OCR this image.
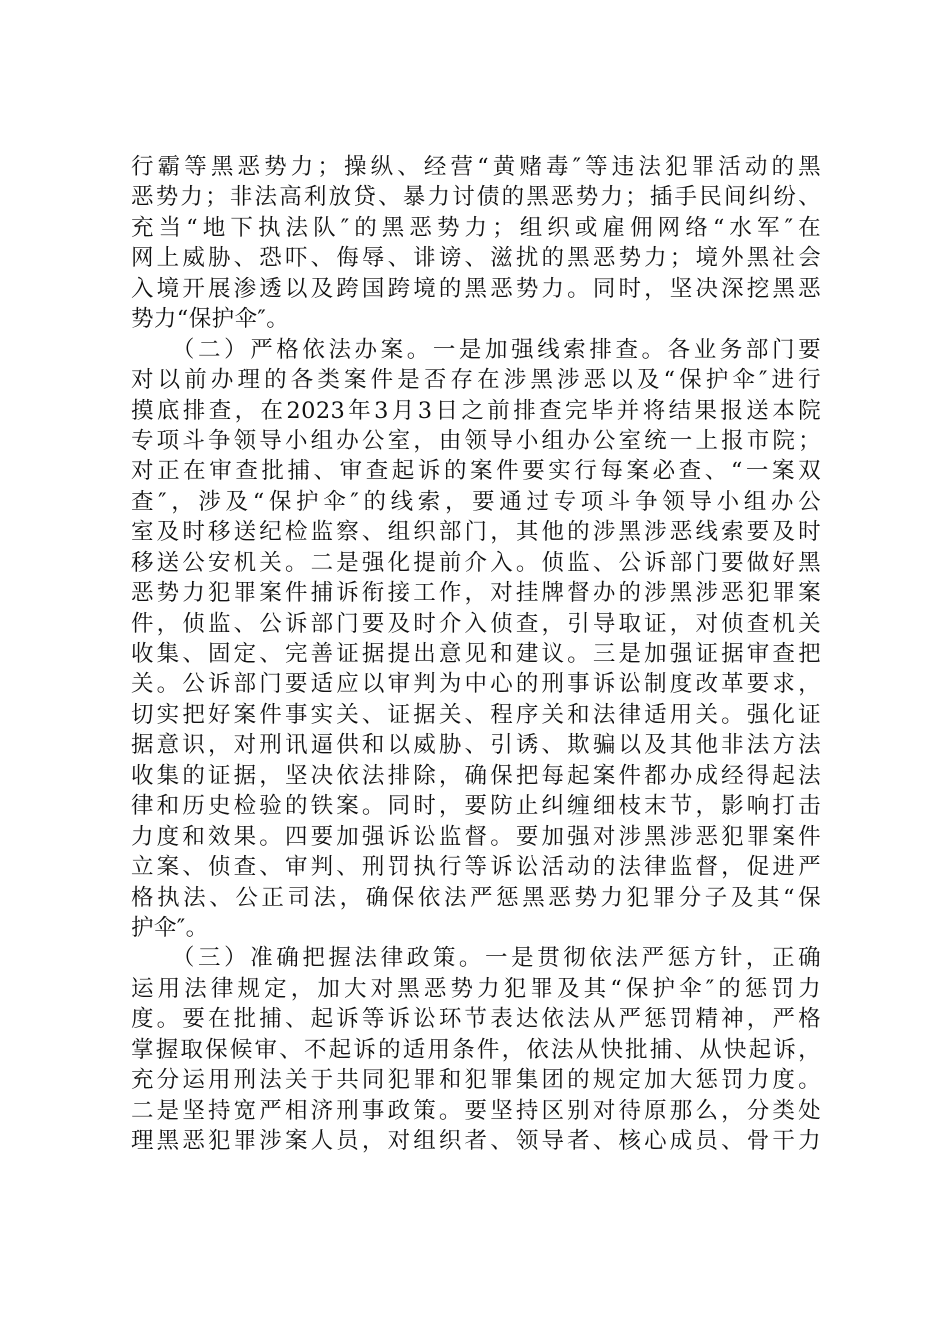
行霸等黑恶势力；操纵、经营“黄赌毒″等违法犯罪活动的黑
恶势力；非法高利放贷、暴力讨债的黑恶势力；插手民间纠纷、
充当“地下执法队″的黑恶势力；组织或雇佣网络“水军″在
网上威胁、恐吓、侮辱、诽谤、滋扰的黑恶势力；境外黑社会
入境开展渗透以及跨国跨境的黑恶势力。同时，坚决深挖黑恶
势力“保护伞″。
　　（二）严格依法办案。一是加强线索排查。各业务部门要
对以前办理的各类案件是否存在涉黑涉恶以及“保护伞″进行
摸底排查，在2023年3月3日之前排查完毕并将结果报送本院
专项斗争领导小组办公室，由领导小组办公室统一上报市院；
对正在审查批捕、审查起诉的案件要实行每案必查、“一案双
查″，涉及“保护伞″的线索，要通过专项斗争领导小组办公
室及时移送纪检监察、组织部门，其他的涉黑涉恶线索要及时
移送公安机关。二是强化提前介入。侦监、公诉部门要做好黑
恶势力犯罪案件捕诉衔接工作，对挂牌督办的涉黑涉恶犯罪案
件，侦监、公诉部门要及时介入侦查，引导取证，对侦查机关
收集、固定、完善证据提出意见和建议。三是加强证据审查把
关。公诉部门要适应以审判为中心的刑事诉讼制度改革要求，
切实把好案件事实关、证据关、程序关和法律适用关。强化证
据意识，对刑讯逼供和以威胁、引诱、欺骗以及其他非法方法
收集的证据，坚决依法排除，确保把每起案件都办成经得起法
律和历史检验的铁案。同时，要防止纠缠细枝末节，影响打击
力度和效果。四要加强诉讼监督。要加强对涉黑涉恶犯罪案件
立案、侦查、审判、刑罚执行等诉讼活动的法律监督，促进严
格执法、公正司法，确保依法严惩黑恶势力犯罪分子及其“保
护伞″。
　　（三）准确把握法律政策。一是贯彻依法严惩方针，正确
运用法律规定，加大对黑恶势力犯罪及其“保护伞″的惩罚力
度。要在批捕、起诉等诉讼环节表达依法从严惩罚精神，严格
掌握取保候审、不起诉的适用条件，依法从快批捕、从快起诉，
充分运用刑法关于共同犯罪和犯罪集团的规定加大惩罚力度。
二是坚持宽严相济刑事政策。要坚持区别对待原那么，分类处
理黑恶犯罪涉案人员，对组织者、领导者、核心成员、骨干力
